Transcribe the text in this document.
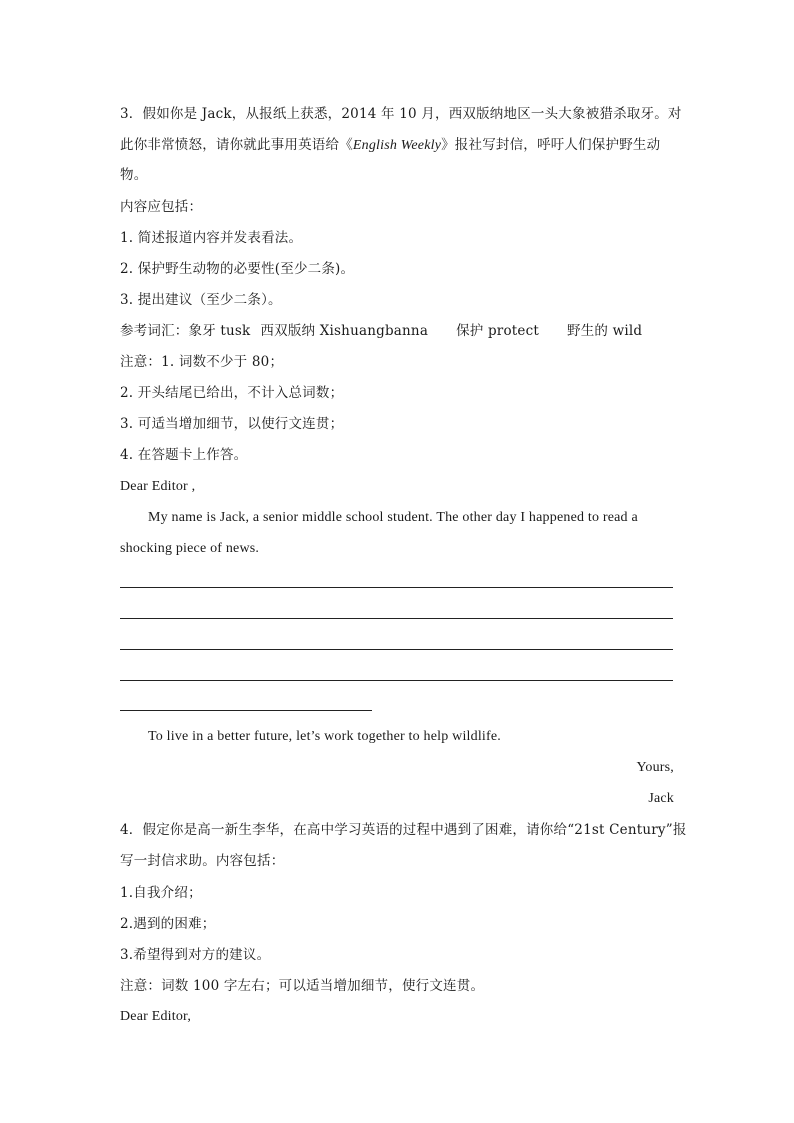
3．假如你是 Jack，从报纸上获悉，2014 年 10 月，西双版纳地区一头大象被猎杀取牙。对
此你非常愤怒，请你就此事用英语给《English Weekly》报社写封信，呼吁人们保护野生动
物。
内容应包括：
1. 简述报道内容并发表看法。
2. 保护野生动物的必要性(至少二条)。
3. 提出建议（至少二条）。
参考词汇：象牙 tusk 西双版纳 Xishuangbanna 保护 protect 野生的 wild
注意：1. 词数不少于 80；
2. 开头结尾已给出，不计入总词数；
3. 可适当增加细节，以使行文连贯；
4. 在答题卡上作答。
Dear Editor ,
My name is Jack, a senior middle school student. The other day I happened to read a
shocking piece of news.
To live in a better future, let’s work together to help wildlife.
Yours,
Jack
4．假定你是高一新生李华，在高中学习英语的过程中遇到了困难，请你给“21st Century”报
写一封信求助。内容包括：
1.自我介绍；
2.遇到的困难；
3.希望得到对方的建议。
注意：词数 100 字左右；可以适当增加细节，使行文连贯。
Dear Editor,
